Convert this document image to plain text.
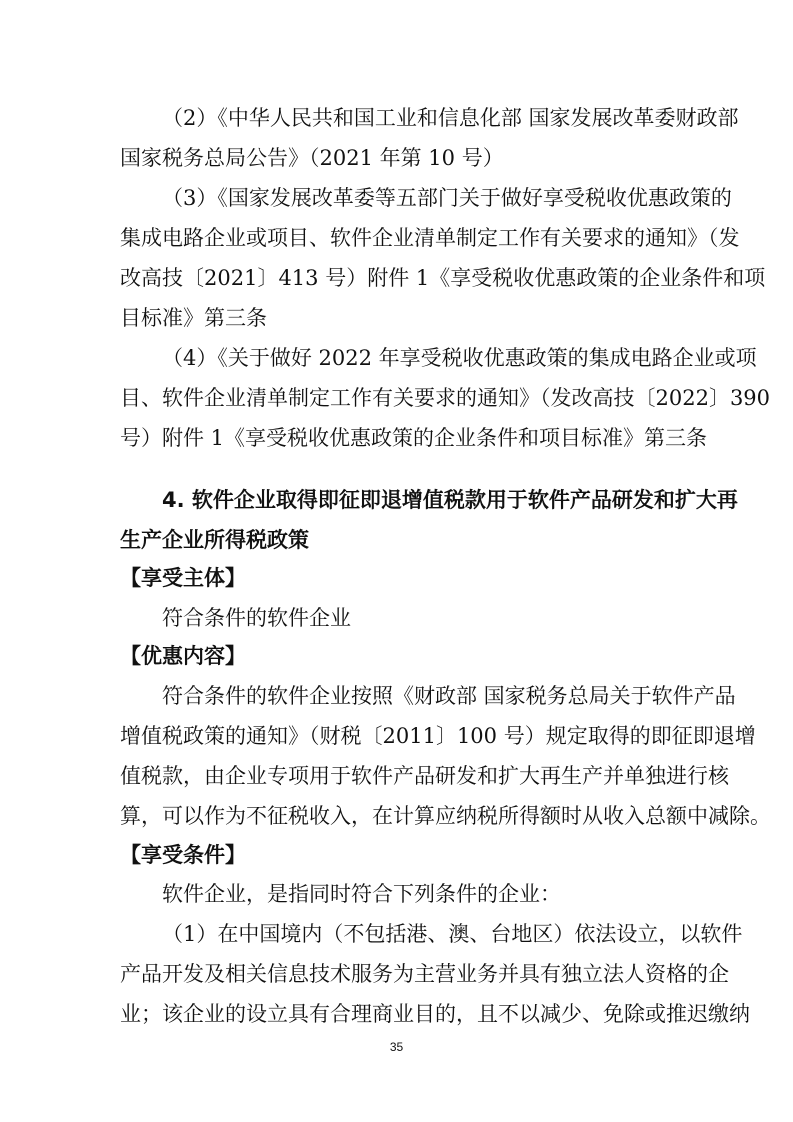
（2）《中华人民共和国工业和信息化部 国家发展改革委财政部
国家税务总局公告》（2021 年第 10 号）
（3）《国家发展改革委等五部门关于做好享受税收优惠政策的
集成电路企业或项目、软件企业清单制定工作有关要求的通知》（发
改高技〔2021〕413 号）附件 1《享受税收优惠政策的企业条件和项
目标准》第三条
（4）《关于做好 2022 年享受税收优惠政策的集成电路企业或项
目、软件企业清单制定工作有关要求的通知》（发改高技〔2022〕390
号）附件 1《享受税收优惠政策的企业条件和项目标准》第三条
4. 软件企业取得即征即退增值税款用于软件产品研发和扩大再
生产企业所得税政策
【享受主体】
符合条件的软件企业
【优惠内容】
符合条件的软件企业按照《财政部 国家税务总局关于软件产品
增值税政策的通知》（财税〔2011〕100 号）规定取得的即征即退增
值税款，由企业专项用于软件产品研发和扩大再生产并单独进行核
算，可以作为不征税收入，在计算应纳税所得额时从收入总额中减除。
【享受条件】
软件企业，是指同时符合下列条件的企业：
（1）在中国境内（不包括港、澳、台地区）依法设立，以软件
产品开发及相关信息技术服务为主营业务并具有独立法人资格的企
业；该企业的设立具有合理商业目的，且不以减少、免除或推迟缴纳
35
